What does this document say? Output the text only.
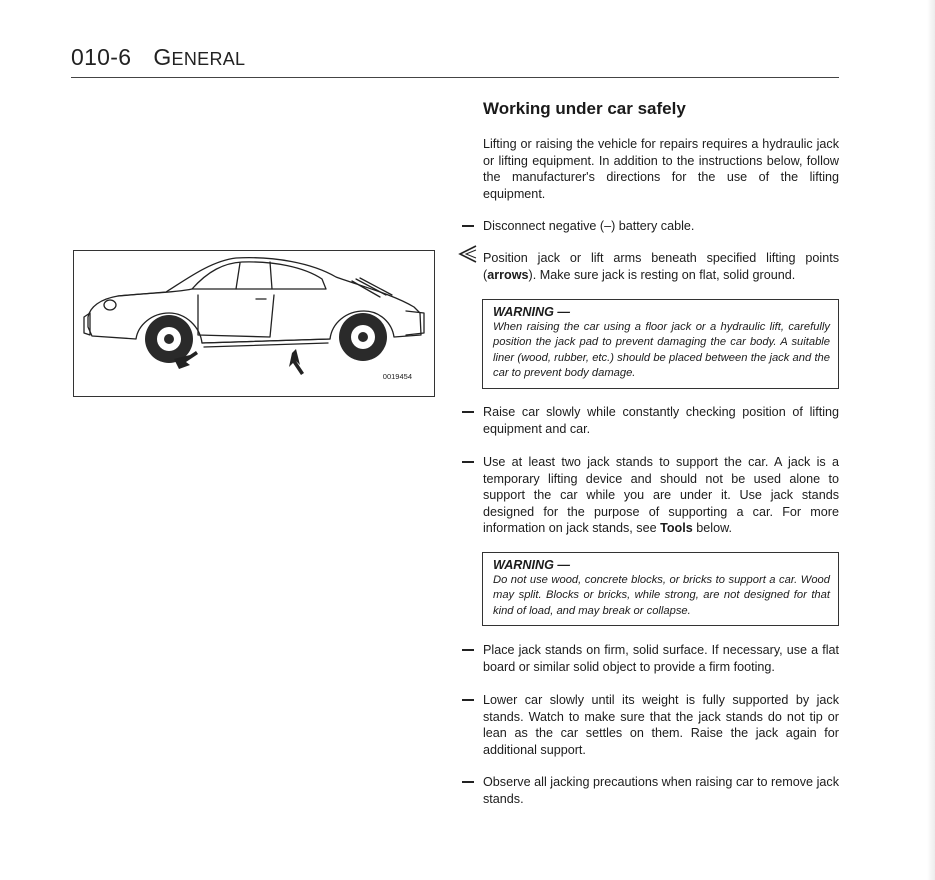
010-6 GENERAL
0019454
Working under car safely
Lifting or raising the vehicle for repairs requires a hydraulic jack or lifting equipment. In addition to the instructions below, follow the manufacturer's directions for the use of the lifting equipment.
Disconnect negative (–) battery cable.
Position jack or lift arms beneath specified lifting points (arrows). Make sure jack is resting on flat, solid ground.
WARNING —
When raising the car using a floor jack or a hydraulic lift, carefully position the jack pad to prevent damaging the car body. A suitable liner (wood, rubber, etc.) should be placed between the jack and the car to prevent body damage.
Raise car slowly while constantly checking position of lifting equipment and car.
Use at least two jack stands to support the car. A jack is a temporary lifting device and should not be used alone to support the car while you are under it. Use jack stands designed for the purpose of supporting a car. For more information on jack stands, see Tools below.
WARNING —
Do not use wood, concrete blocks, or bricks to support a car. Wood may split. Blocks or bricks, while strong, are not designed for that kind of load, and may break or collapse.
Place jack stands on firm, solid surface. If necessary, use a flat board or similar solid object to provide a firm footing.
Lower car slowly until its weight is fully supported by jack stands. Watch to make sure that the jack stands do not tip or lean as the car settles on them. Raise the jack again for additional support.
Observe all jacking precautions when raising car to remove jack stands.
